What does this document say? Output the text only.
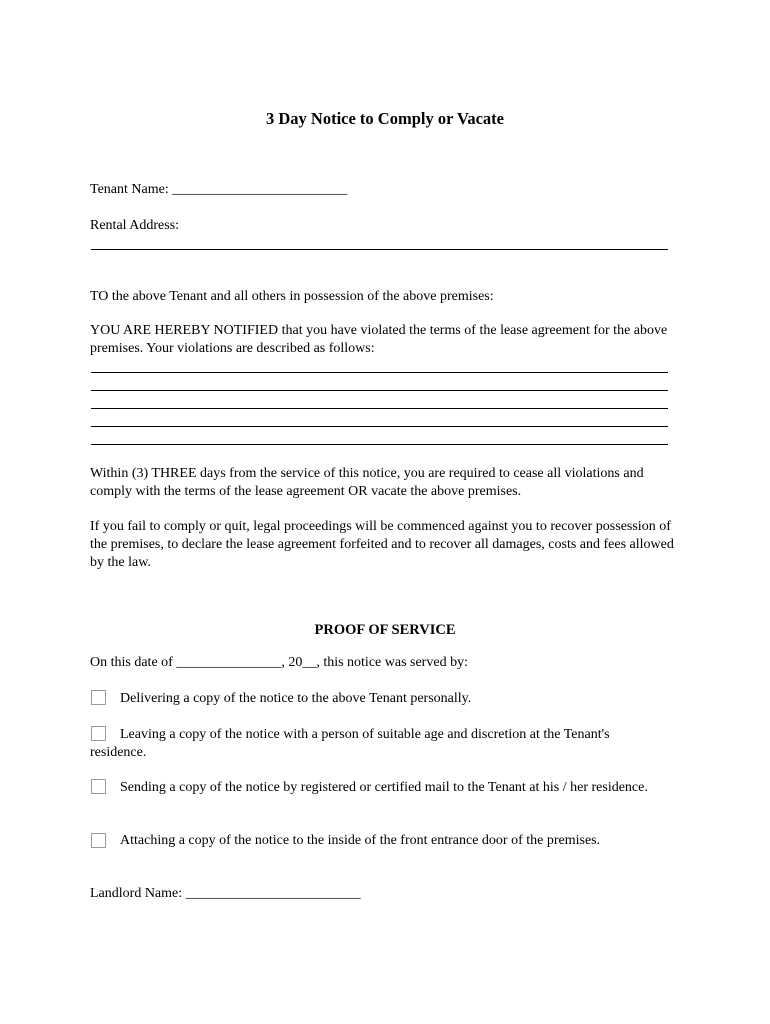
3 Day Notice to Comply or Vacate
Tenant Name: _________________________
Rental Address:
TO the above Tenant and all others in possession of the above premises:
YOU ARE HEREBY NOTIFIED that you have violated the terms of the lease agreement for the above premises. Your violations are described as follows:
Within (3) THREE days from the service of this notice, you are required to cease all violations and comply with the terms of the lease agreement OR vacate the above premises.
If you fail to comply or quit, legal proceedings will be commenced against you to recover possession of the premises, to declare the lease agreement forfeited and to recover all damages, costs and fees allowed by the law.
PROOF OF SERVICE
On this date of _______________, 20__, this notice was served by:
Delivering a copy of the notice to the above Tenant personally.
Leaving a copy of the notice with a person of suitable age and discretion at the Tenant's residence.
Sending a copy of the notice by registered or certified mail to the Tenant at his / her residence.
Attaching a copy of the notice to the inside of the front entrance door of the premises.
Landlord Name: _________________________
